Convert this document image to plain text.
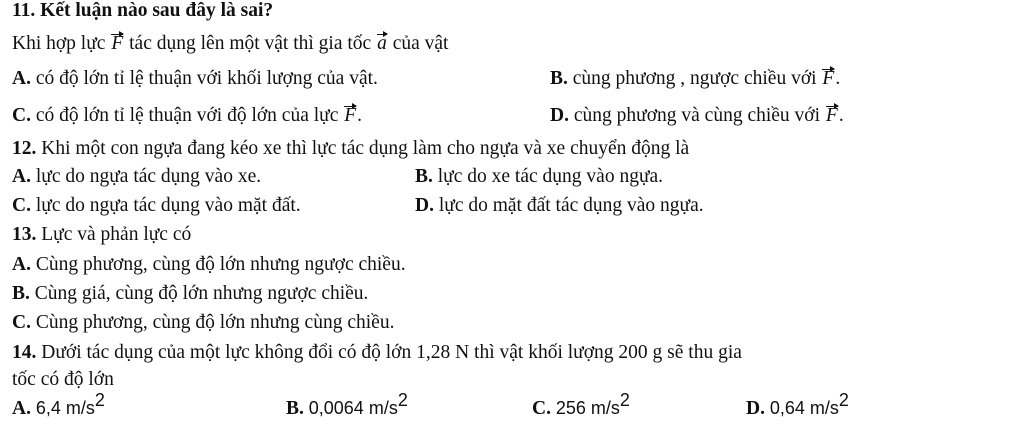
11. Kết luận nào sau đây là sai?
Khi hợp lực F tác dụng lên một vật thì gia tốc a của vật
A. có độ lớn tỉ lệ thuận với khối lượng của vật.	B. cùng phương , ngược chiều với F.
C. có độ lớn tỉ lệ thuận với độ lớn của lực F.	D. cùng phương và cùng chiều với F.
12. Khi một con ngựa đang kéo xe thì lực tác dụng làm cho ngựa và xe chuyển động là
A. lực do ngựa tác dụng vào xe.	B. lực do xe tác dụng vào ngựa.
C. lực do ngựa tác dụng vào mặt đất.	D. lực do mặt đất tác dụng vào ngựa.
13. Lực và phản lực có
A. Cùng phương, cùng độ lớn nhưng ngược chiều.
B. Cùng giá, cùng độ lớn nhưng ngược chiều.
C. Cùng phương, cùng độ lớn nhưng cùng chiều.
14. Dưới tác dụng của một lực không đổi có độ lớn 1,28 N thì vật khối lượng 200 g sẽ thu gia
tốc có độ lớn
A. 6,4 $m/s^2$	B. 0,0064 $m/s^2$	C. 256 $m/s^2$	D. 0,64 $m/s^2$
